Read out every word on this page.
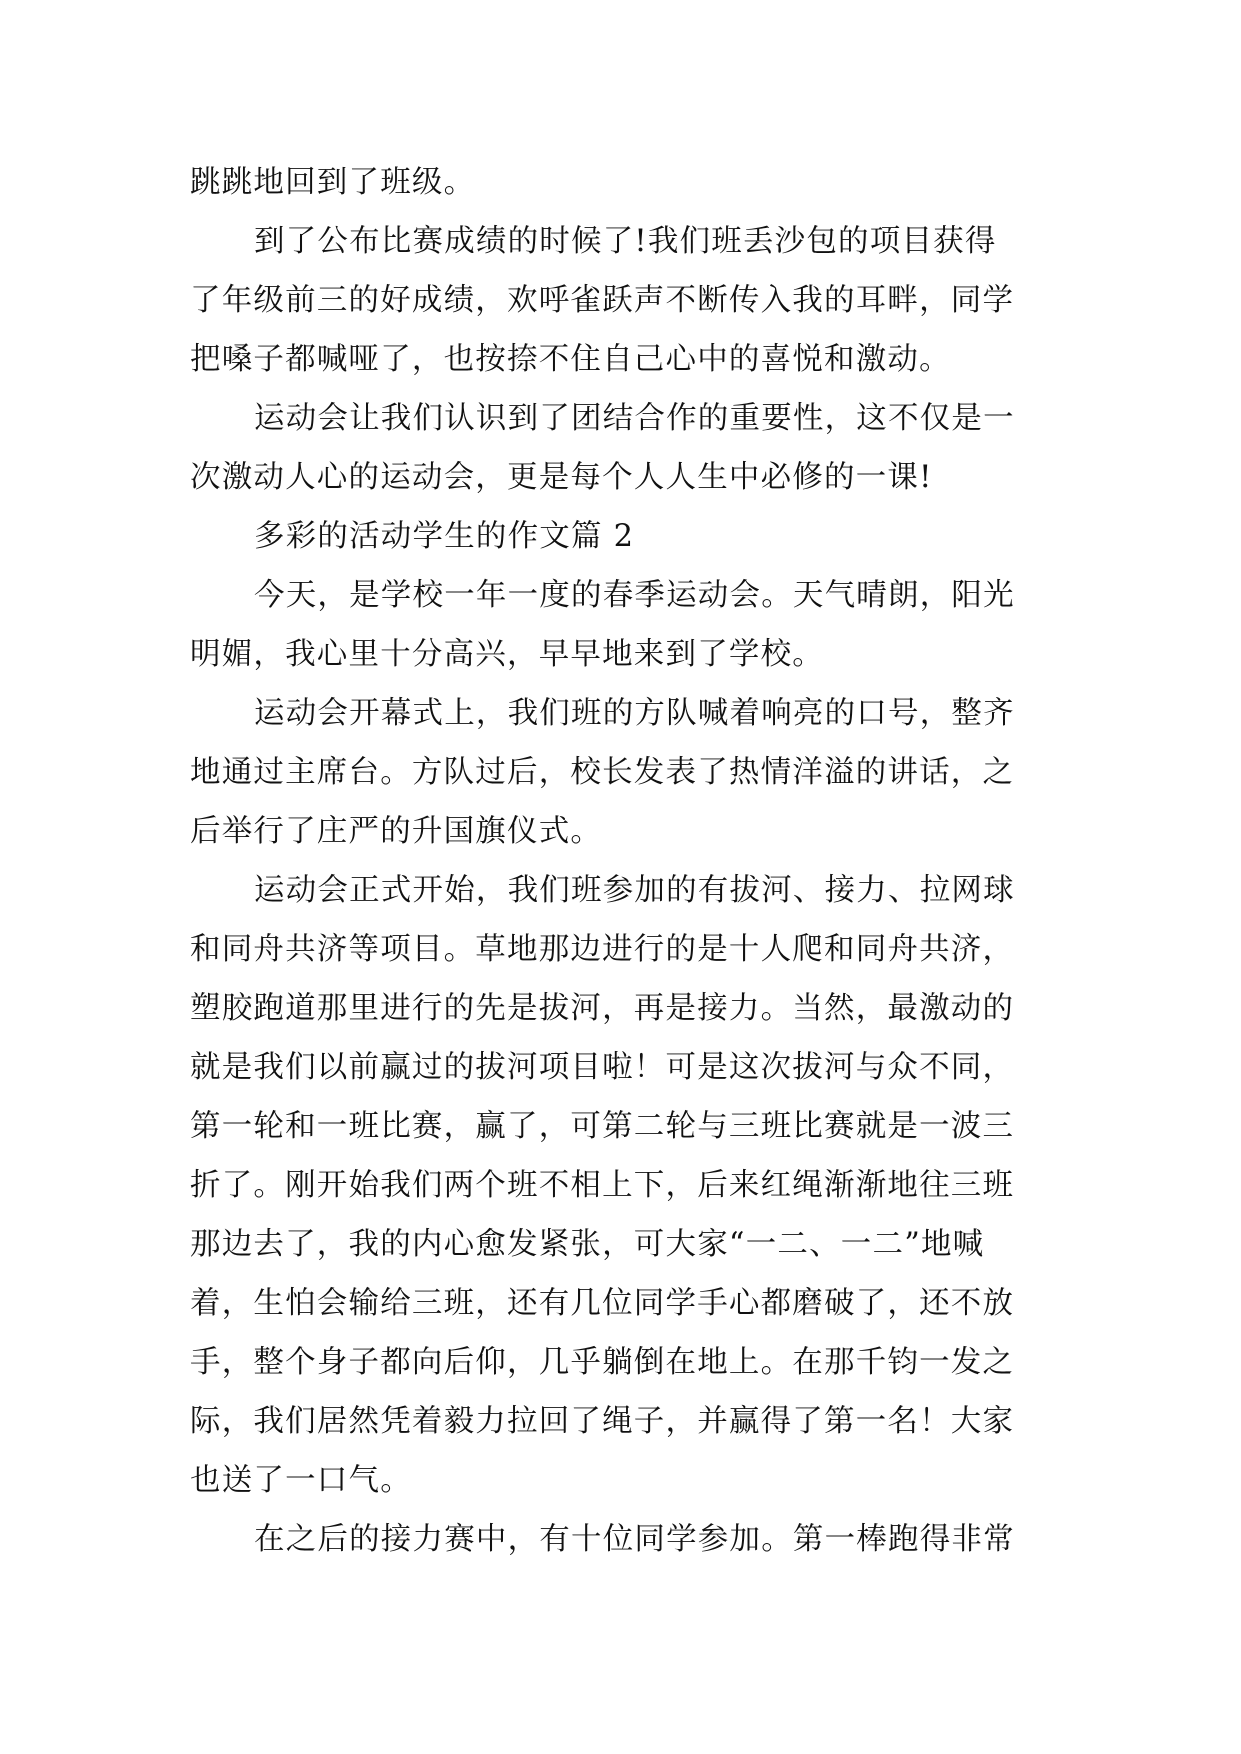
跳跳地回到了班级。
到了公布比赛成绩的时候了!我们班丢沙包的项目获得
了年级前三的好成绩，欢呼雀跃声不断传入我的耳畔，同学
把嗓子都喊哑了，也按捺不住自己心中的喜悦和激动。
运动会让我们认识到了团结合作的重要性，这不仅是一
次激动人心的运动会，更是每个人人生中必修的一课!
多彩的活动学生的作文篇 2
今天，是学校一年一度的春季运动会。天气晴朗，阳光
明媚，我心里十分高兴，早早地来到了学校。
运动会开幕式上，我们班的方队喊着响亮的口号，整齐
地通过主席台。方队过后，校长发表了热情洋溢的讲话，之
后举行了庄严的升国旗仪式。
运动会正式开始，我们班参加的有拔河、接力、拉网球
和同舟共济等项目。草地那边进行的是十人爬和同舟共济，
塑胶跑道那里进行的先是拔河，再是接力。当然，最激动的
就是我们以前赢过的拔河项目啦！可是这次拔河与众不同，
第一轮和一班比赛，赢了，可第二轮与三班比赛就是一波三
折了。刚开始我们两个班不相上下，后来红绳渐渐地往三班
那边去了，我的内心愈发紧张，可大家“一二、一二”地喊
着，生怕会输给三班，还有几位同学手心都磨破了，还不放
手，整个身子都向后仰，几乎躺倒在地上。在那千钧一发之
际，我们居然凭着毅力拉回了绳子，并赢得了第一名！大家
也送了一口气。
在之后的接力赛中，有十位同学参加。第一棒跑得非常
